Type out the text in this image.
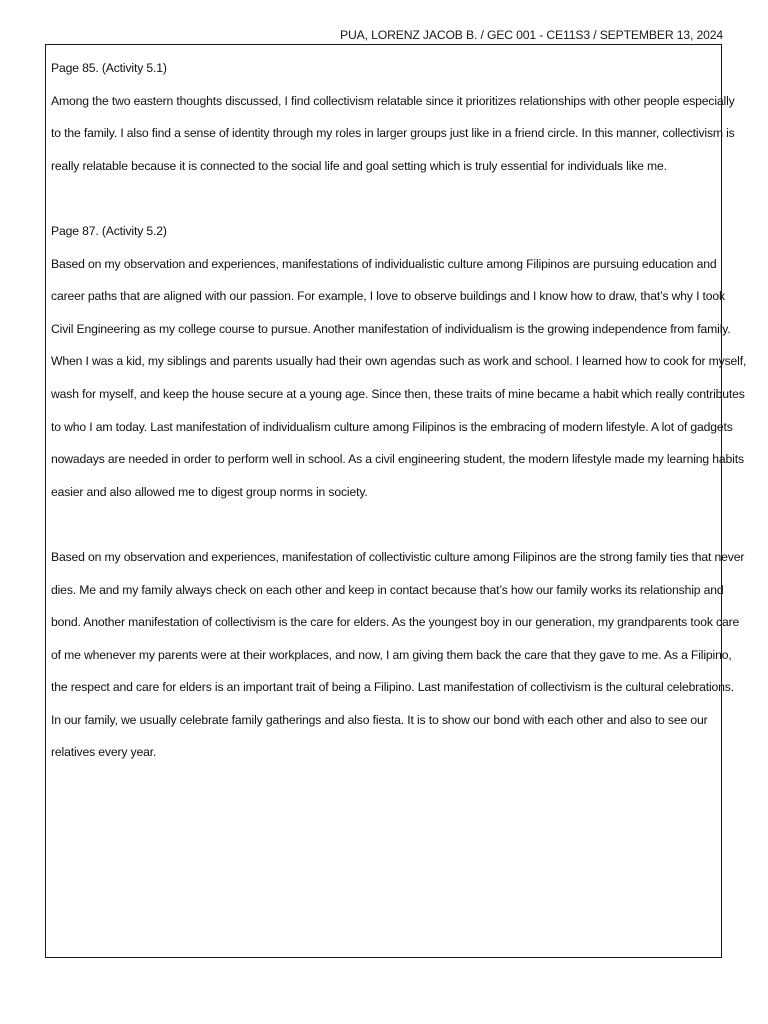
PUA, LORENZ JACOB B. / GEC 001 - CE11S3 / SEPTEMBER 13, 2024

Page 85. (Activity 5.1)
Among the two eastern thoughts discussed, I find collectivism relatable since it prioritizes relationships with other people especially
to the family. I also find a sense of identity through my roles in larger groups just like in a friend circle. In this manner, collectivism is
really relatable because it is connected to the social life and goal setting which is truly essential for individuals like me.

Page 87. (Activity 5.2)
Based on my observation and experiences, manifestations of individualistic culture among Filipinos are pursuing education and
career paths that are aligned with our passion. For example, I love to observe buildings and I know how to draw, that’s why I took
Civil Engineering as my college course to pursue. Another manifestation of individualism is the growing independence from family.
When I was a kid, my siblings and parents usually had their own agendas such as work and school. I learned how to cook for myself,
wash for myself, and keep the house secure at a young age. Since then, these traits of mine became a habit which really contributes
to who I am today. Last manifestation of individualism culture among Filipinos is the embracing of modern lifestyle. A lot of gadgets
nowadays are needed in order to perform well in school. As a civil engineering student, the modern lifestyle made my learning habits
easier and also allowed me to digest group norms in society.

Based on my observation and experiences, manifestation of collectivistic culture among Filipinos are the strong family ties that never
dies. Me and my family always check on each other and keep in contact because that’s how our family works its relationship and
bond. Another manifestation of collectivism is the care for elders. As the youngest boy in our generation, my grandparents took care
of me whenever my parents were at their workplaces, and now, I am giving them back the care that they gave to me. As a Filipino,
the respect and care for elders is an important trait of being a Filipino. Last manifestation of collectivism is the cultural celebrations.
In our family, we usually celebrate family gatherings and also fiesta. It is to show our bond with each other and also to see our
relatives every year.
